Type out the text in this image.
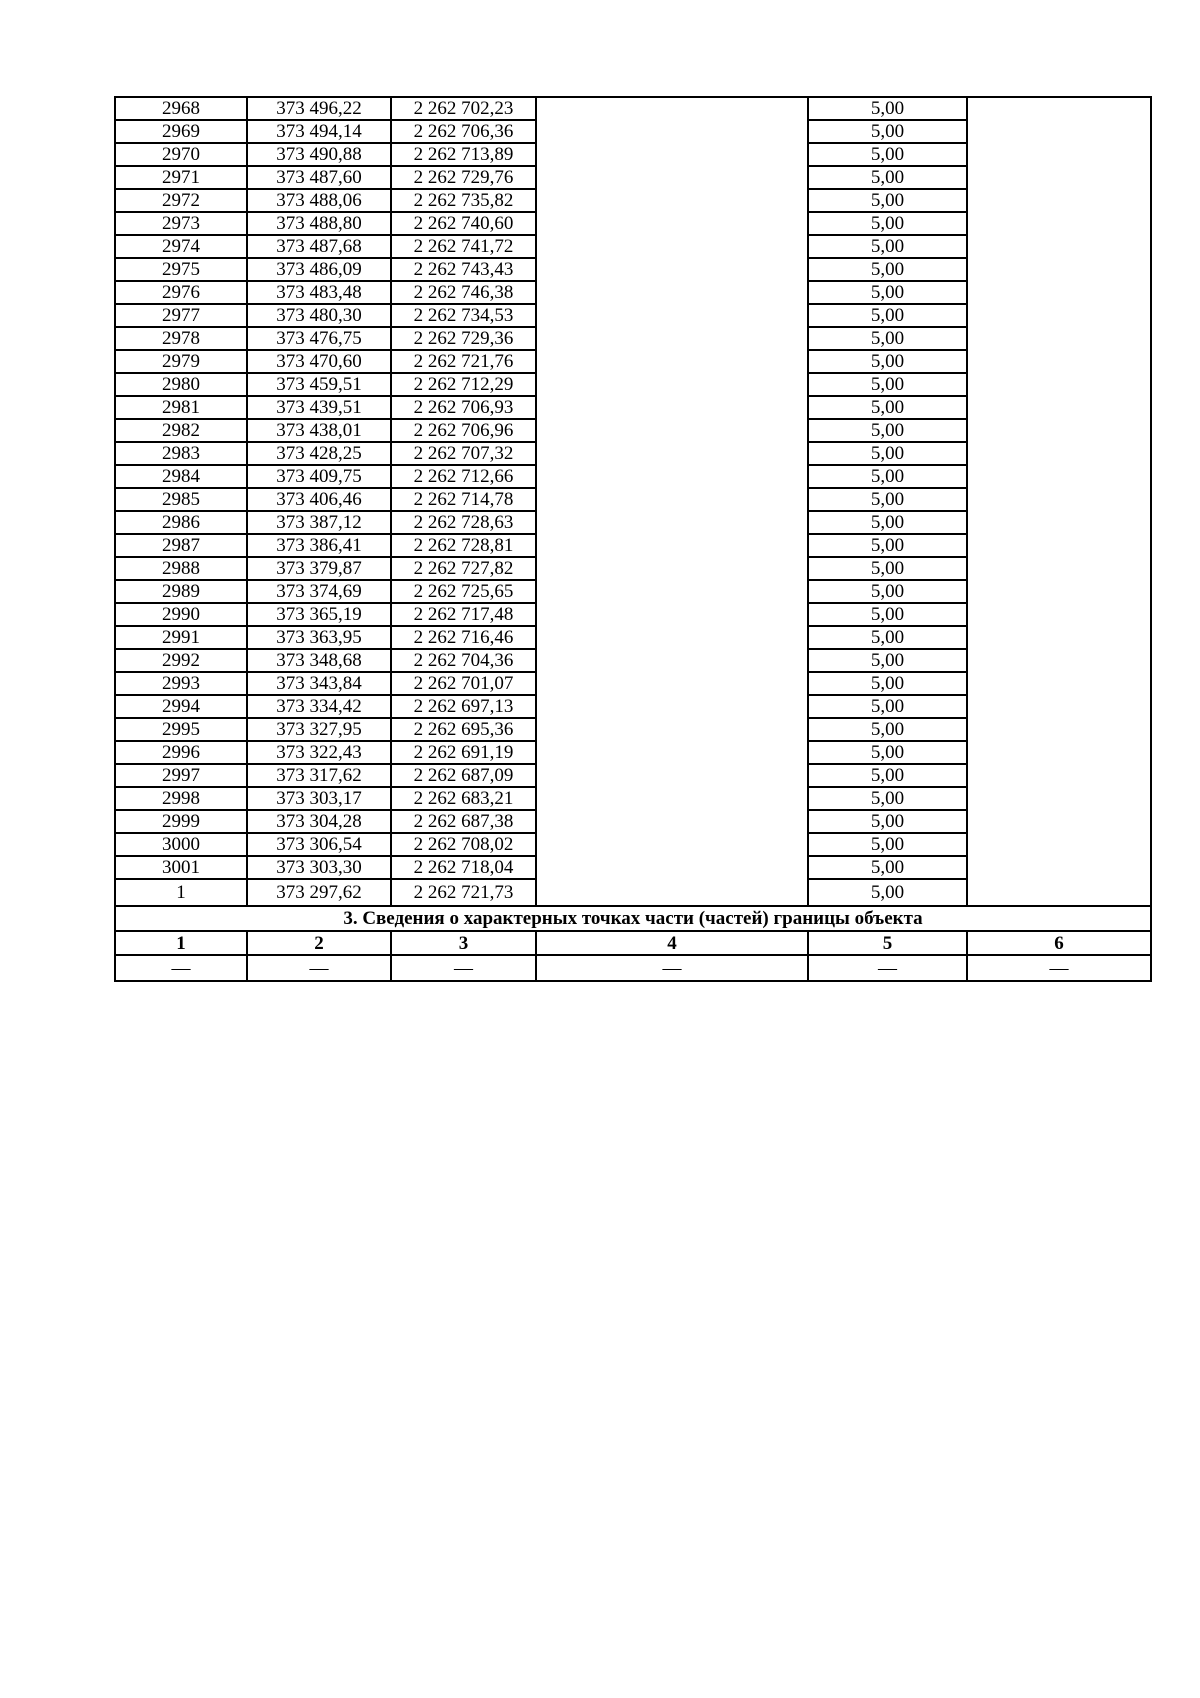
2968	373 496,22	2 262 702,23		5,00	
2969	373 494,14	2 262 706,36		5,00	
2970	373 490,88	2 262 713,89		5,00	
2971	373 487,60	2 262 729,76		5,00	
2972	373 488,06	2 262 735,82		5,00	
2973	373 488,80	2 262 740,60		5,00	
2974	373 487,68	2 262 741,72		5,00	
2975	373 486,09	2 262 743,43		5,00	
2976	373 483,48	2 262 746,38		5,00	
2977	373 480,30	2 262 734,53		5,00	
2978	373 476,75	2 262 729,36		5,00	
2979	373 470,60	2 262 721,76		5,00	
2980	373 459,51	2 262 712,29		5,00	
2981	373 439,51	2 262 706,93		5,00	
2982	373 438,01	2 262 706,96		5,00	
2983	373 428,25	2 262 707,32		5,00	
2984	373 409,75	2 262 712,66		5,00	
2985	373 406,46	2 262 714,78		5,00	
2986	373 387,12	2 262 728,63		5,00	
2987	373 386,41	2 262 728,81		5,00	
2988	373 379,87	2 262 727,82		5,00	
2989	373 374,69	2 262 725,65		5,00	
2990	373 365,19	2 262 717,48		5,00	
2991	373 363,95	2 262 716,46		5,00	
2992	373 348,68	2 262 704,36		5,00	
2993	373 343,84	2 262 701,07		5,00	
2994	373 334,42	2 262 697,13		5,00	
2995	373 327,95	2 262 695,36		5,00	
2996	373 322,43	2 262 691,19		5,00	
2997	373 317,62	2 262 687,09		5,00	
2998	373 303,17	2 262 683,21		5,00	
2999	373 304,28	2 262 687,38		5,00	
3000	373 306,54	2 262 708,02		5,00	
3001	373 303,30	2 262 718,04		5,00	
1	373 297,62	2 262 721,73		5,00	
3. Сведения о характерных точках части (частей) границы объекта					
1	2	3	4	5	6
—	—	—	—	—	—
